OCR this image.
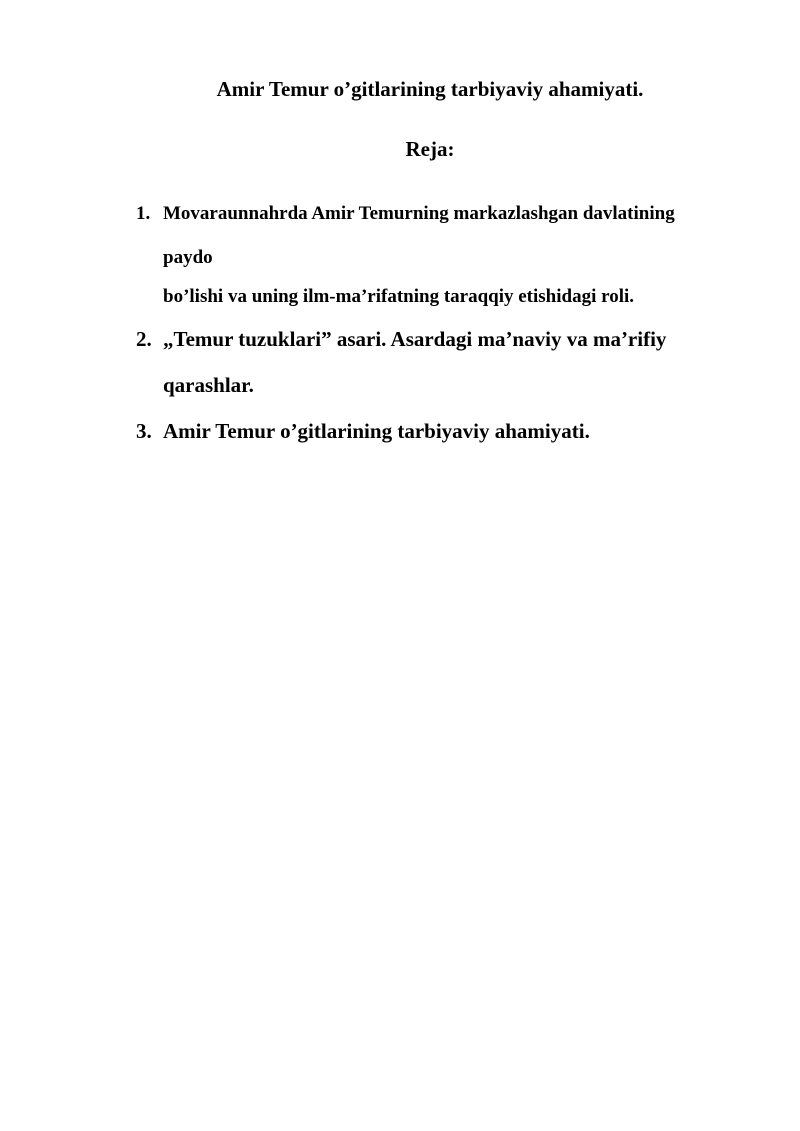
Amir Temur o’gitlarining tarbiyaviy ahamiyati.
Reja:
1. Movaraunnahrda Amir Temurning markazlashgan davlatining
paydo
bo’lishi va uning ilm-ma’rifatning taraqqiy etishidagi roli.
2. „Temur tuzuklari” asari. Asardagi ma’naviy va ma’rifiy
qarashlar.
3. Amir Temur o’gitlarining tarbiyaviy ahamiyati.
